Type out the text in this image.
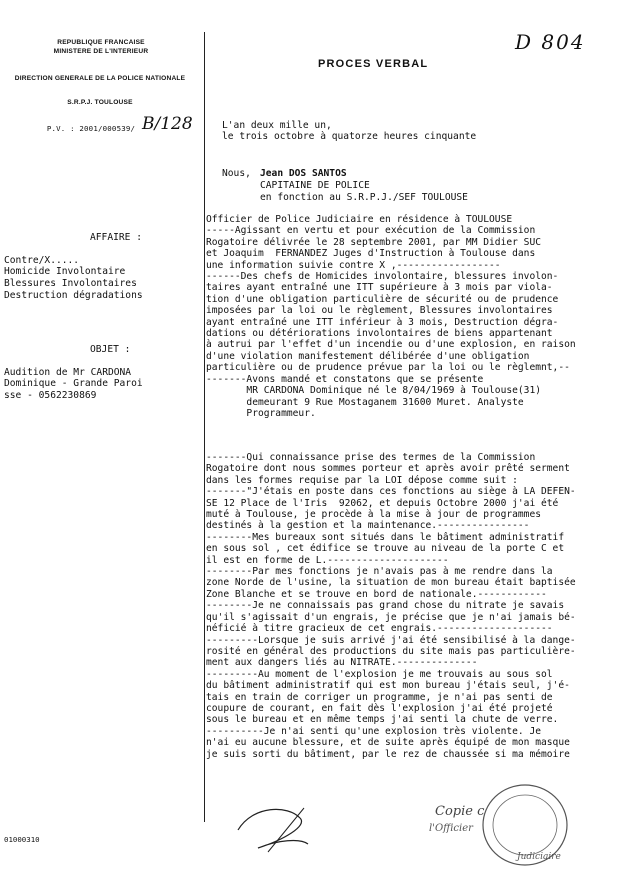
REPUBLIQUE FRANCAISE
MINISTERE DE L'INTERIEUR
DIRECTION GENERALE DE LA POLICE NATIONALE
S.R.P.J. TOULOUSE
P.V. : 2001/000539/ B/128
D 804
PROCES VERBAL
L'an deux mille un,
le trois octobre à quatorze heures cinquante
Nous, Jean DOS SANTOS
CAPITAINE DE POLICE
en fonction au S.R.P.J./SEF TOULOUSE
AFFAIRE :
Contre/X.....
Homicide Involontaire
Blessures Involontaires
Destruction dégradations
OBJET :
Audition de Mr CARDONA
Dominique - Grande Paroi
sse - 0562230869
Officier de Police Judiciaire en résidence à TOULOUSE
-----Agissant en vertu et pour exécution de la Commission
Rogatoire délivrée le 28 septembre 2001, par MM Didier SUC
et Joaquim  FERNANDEZ Juges d'Instruction à Toulouse dans
une information suivie contre X ,------------------
------Des chefs de Homicides involontaire, blessures involon-
taires ayant entraîné une ITT supérieure à 3 mois par viola-
tion d'une obligation particulière de sécurité ou de prudence
imposées par la loi ou le règlement, Blessures involontaires
ayant entraîné une ITT inférieur à 3 mois, Destruction dégra-
dations ou détériorations involontaires de biens appartenant
à autrui par l'effet d'un incendie ou d'une explosion, en raison
d'une violation manifestement délibérée d'une obligation
particulière ou de prudence prévue par la loi ou le règlemnt,--
-------Avons mandé et constatons que se présente
MR CARDONA Dominique né le 8/04/1969 à Toulouse(31)
demeurant 9 Rue Mostaganem 31600 Muret. Analyste
Programmeur.
-------Qui connaissance prise des termes de la Commission
Rogatoire dont nous sommes porteur et après avoir prêté serment
dans les formes requise par la LOI dépose comme suit :
-------"J'étais en poste dans ces fonctions au siège à LA DEFEN-
SE 12 Place de l'Iris  92062, et depuis Octobre 2000 j'ai été
muté à Toulouse, je procède à la mise à jour de programmes
destinés à la gestion et la maintenance.----------------
--------Mes bureaux sont situés dans le bâtiment administratif
en sous sol , cet édifice se trouve au niveau de la porte C et
il est en forme de L.---------------------
--------Par mes fonctions je n'avais pas à me rendre dans la
zone Norde de l'usine, la situation de mon bureau était baptisée
Zone Blanche et se trouve en bord de nationale.------------
--------Je ne connaissais pas grand chose du nitrate je savais
qu'il s'agissait d'un engrais, je précise que je n'ai jamais bé-
néficié à titre gracieux de cet engrais.--------------------
---------Lorsque je suis arrivé j'ai été sensibilisé à la dange-
rosité en général des productions du site mais pas particulière-
ment aux dangers liés au NITRATE.--------------
---------Au moment de l'explosion je me trouvais au sous sol
du bâtiment administratif qui est mon bureau j'étais seul, j'é-
tais en train de corriger un programme, je n'ai pas senti de
coupure de courant, en fait dès l'explosion j'ai été projeté
sous le bureau et en même temps j'ai senti la chute de verre.
----------Je n'ai senti qu'une explosion très violente. Je
n'ai eu aucune blessure, et de suite après équipé de mon masque
je suis sorti du bâtiment, par le rez de chaussée si ma mémoire
01000310
Copie c
l'Officier
Judiciaire
